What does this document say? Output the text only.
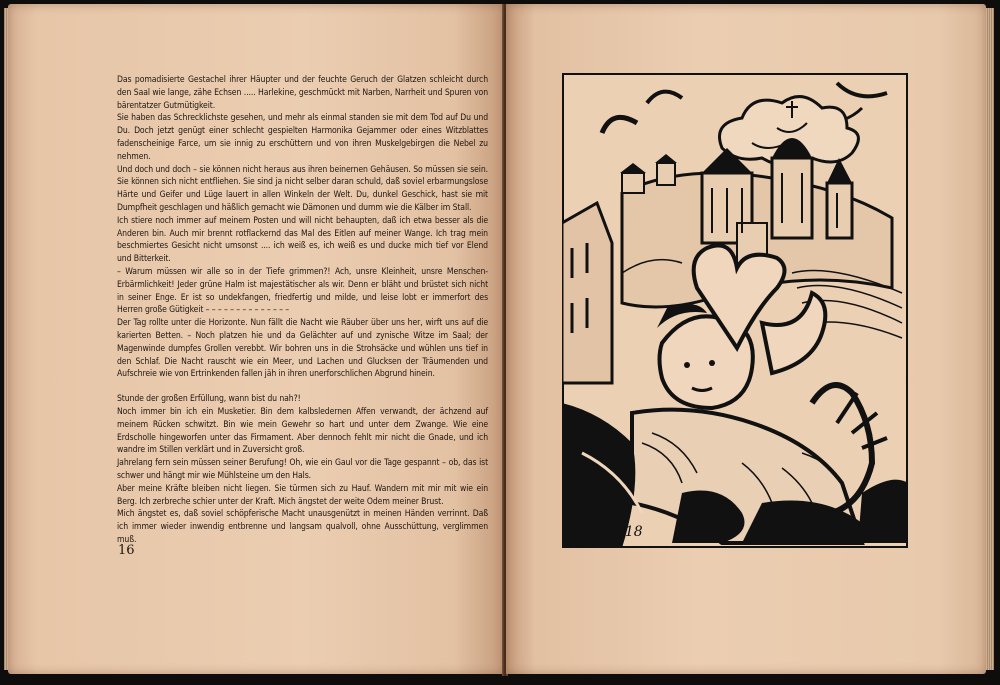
Das pomadisierte Gestachel ihrer Häupter und der feuchte Geruch der Glatzen schleicht durch den Saal wie lange, zähe Echsen ..... Harlekine, geschmückt mit Narben, Narrheit und Spuren von bärentatzer Gutmütigkeit.

Sie haben das Schrecklichste gesehen, und mehr als einmal standen sie mit dem Tod auf Du und Du. Doch jetzt genügt einer schlecht gespielten Harmonika Gejammer oder eines Witzblattes fadenscheinige Farce, um sie innig zu erschüttern und von ihren Muskelgebirgen die Nebel zu nehmen.

Und doch und doch – sie können nicht heraus aus ihren beinernen Gehäusen. So müssen sie sein. Sie können sich nicht entfliehen. Sie sind ja nicht selber daran schuld, daß soviel erbarmungslose Härte und Geifer und Lüge lauert in allen Winkeln der Welt. Du, dunkel Geschick, hast sie mit Dumpfheit geschlagen und häßlich gemacht wie Dämonen und dumm wie die Kälber im Stall.

Ich stiere noch immer auf meinem Posten und will nicht behaupten, daß ich etwa besser als die Anderen bin. Auch mir brennt rotflackernd das Mal des Eitlen auf meiner Wange. Ich trag mein beschmiertes Gesicht nicht umsonst .... ich weiß es, ich weiß es und ducke mich tief vor Elend und Bitterkeit.

– Warum müssen wir alle so in der Tiefe grimmen?! Ach, unsre Kleinheit, unsre Menschen-Erbärmlichkeit! Jeder grüne Halm ist majestätischer als wir. Denn er bläht und brüstet sich nicht in seiner Enge. Er ist so undekfangen, friedfertig und milde, und leise lobt er immerfort des Herren große Gütigkeit – – – – – – – – – – – – – –

Der Tag rollte unter die Horizonte. Nun fällt die Nacht wie Räuber über uns her, wirft uns auf die karierten Betten. – Noch platzen hie und da Gelächter auf und zynische Witze im Saal; der Magenwinde dumpfes Grollen verebbt. Wir bohren uns in die Strohsäcke und wühlen uns tief in den Schlaf. Die Nacht rauscht wie ein Meer, und Lachen und Glucksen der Träumenden und Aufschreie wie von Ertrinkenden fallen jäh in ihren unerforschlichen Abgrund hinein.

Stunde der großen Erfüllung, wann bist du nah?!

Noch immer bin ich ein Musketier. Bin dem kalbsledernen Affen verwandt, der ächzend auf meinem Rücken schwitzt. Bin wie mein Gewehr so hart und unter dem Zwange. Wie eine Erdscholle hingeworfen unter das Firmament. Aber dennoch fehlt mir nicht die Gnade, und ich wandre im Stillen verklärt und in Zuversicht groß.

Jahrelang fern sein müssen seiner Berufung! Oh, wie ein Gaul vor die Tage gespannt – ob, das ist schwer und hängt mir wie Mühlsteine um den Hals.

Aber meine Kräfte bleiben nicht liegen. Sie türmen sich zu Hauf. Wandern mit mir mit wie ein Berg. Ich zerbreche schier unter der Kraft. Mich ängstet der weite Odem meiner Brust.

Mich ängstet es, daß soviel schöpferische Macht unausgenützt in meinen Händen verrinnt. Daß ich immer wieder inwendig entbrenne und langsam qualvoll, ohne Ausschüttung, verglimmen muß.

16
1918
